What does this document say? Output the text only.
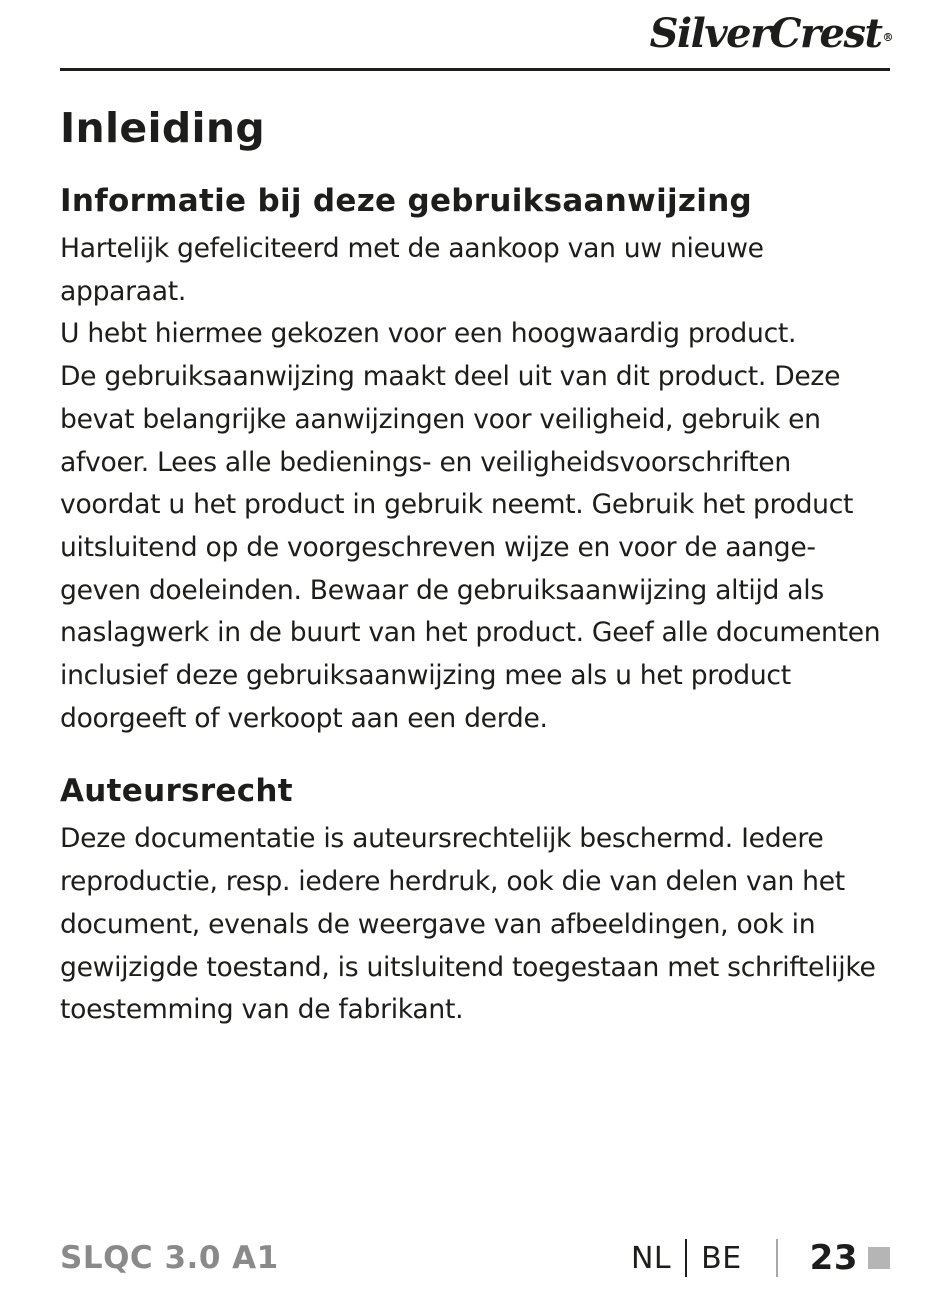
SilverCrest®
Inleiding
Informatie bij deze gebruiksaanwijzing

Hartelijk gefeliciteerd met de aankoop van uw nieuwe apparaat.
U hebt hiermee gekozen voor een hoogwaardig product.
De gebruiksaanwijzing maakt deel uit van dit product. Deze
bevat belangrijke aanwijzingen voor veiligheid, gebruik en
afvoer. Lees alle bedienings- en veiligheidsvoorschriften
voordat u het product in gebruik neemt. Gebruik het product
uitsluitend op de voorgeschreven wijze en voor de aange-
geven doeleinden. Bewaar de gebruiksaanwijzing altijd als
naslagwerk in de buurt van het product. Geef alle documenten
inclusief deze gebruiksaanwijzing mee als u het product
doorgeeft of verkoopt aan een derde.

Auteursrecht

Deze documentatie is auteursrechtelijk beschermd. Iedere
reproductie, resp. iedere herdruk, ook die van delen van het
document, evenals de weergave van afbeeldingen, ook in
gewijzigde toestand, is uitsluitend toegestaan met schriftelijke
toestemming van de fabrikant.

SLQC 3.0 A1	NL BE 23
